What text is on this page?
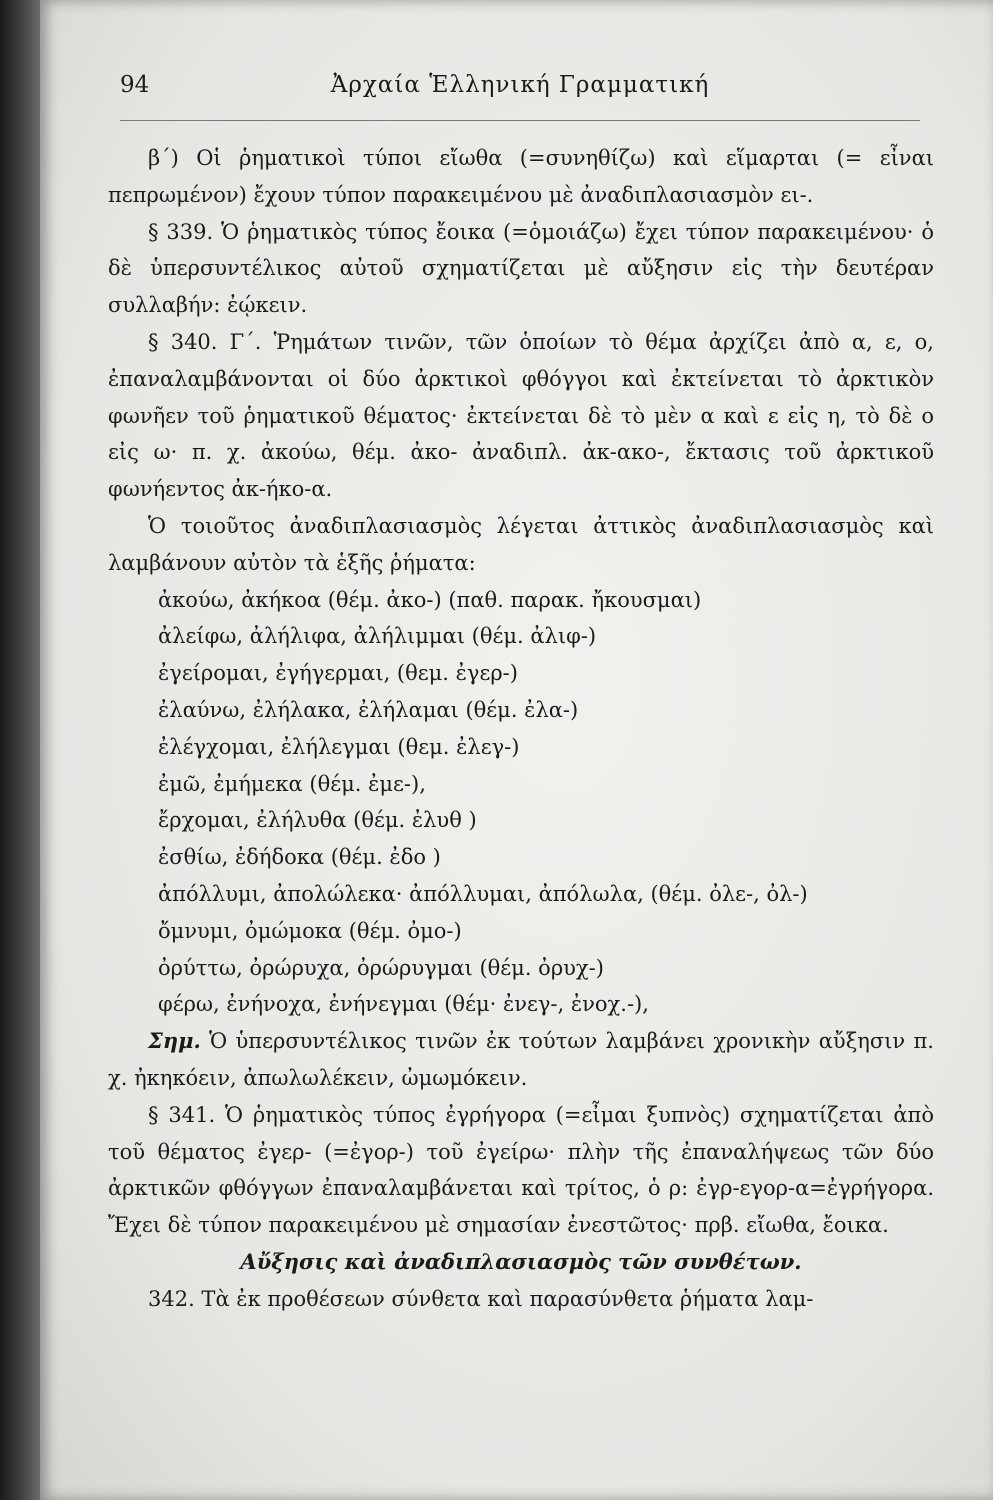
94	Ἀρχαία Ἑλληνική Γραμματική

β΄) Οἱ ῥηματικοὶ τύποι εἴωθα (=συνηθίζω) καὶ εἵμαρται (= εἶναι πεπρωμένον) ἔχουν τύπον παρακειμένου μὲ ἀναδιπλασιασμὸν ει-.

§ 339. Ὁ ῥηματικὸς τύπος ἔοικα (=ὁμοιάζω) ἔχει τύπον παρακειμένου· ὁ δὲ ὑπερσυντέλικος αὐτοῦ σχηματίζεται μὲ αὔξησιν εἰς τὴν δευτέραν συλλαβήν: ἐῴκειν.

§ 340. Γ΄. Ῥημάτων τινῶν, τῶν ὁποίων τὸ θέμα ἀρχίζει ἀπὸ α, ε, ο, ἐπαναλαμβάνονται οἱ δύο ἀρκτικοὶ φθόγγοι καὶ ἐκτείνεται τὸ ἀρκτικὸν φωνῆεν τοῦ ῥηματικοῦ θέματος· ἐκτείνεται δὲ τὸ μὲν α καὶ ε εἰς η, τὸ δὲ ο εἰς ω· π. χ. ἀκούω, θέμ. ἀκο- ἀναδιπλ. ἀκ-ακο-, ἔκτασις τοῦ ἀρκτικοῦ φωνήεντος ἀκ-ήκο-α.

Ὁ τοιοῦτος ἀναδιπλασιασμὸς λέγεται ἀττικὸς ἀναδιπλασιασμὸς καὶ λαμβάνουν αὐτὸν τὰ ἑξῆς ῥήματα:

ἀκούω, ἀκήκοα (θέμ. ἀκο-) (παθ. παρακ. ἤκουσμαι)
ἀλείφω, ἀλήλιφα, ἀλήλιμμαι (θέμ. ἀλιφ-)
ἐγείρομαι, ἐγήγερμαι, (θεμ. ἐγερ-)
ἐλαύνω, ἐλήλακα, ἐλήλαμαι (θέμ. ἐλα-)
ἐλέγχομαι, ἐλήλεγμαι (θεμ. ἐλεγ-)
ἐμῶ, ἐμήμεκα (θέμ. ἐμε-),
ἔρχομαι, ἐλήλυθα (θέμ. ἐλυθ )
ἐσθίω, ἐδήδοκα (θέμ. ἐδο )
ἀπόλλυμι, ἀπολώλεκα· ἀπόλλυμαι, ἀπόλωλα, (θέμ. ὀλε-, ὀλ-)
ὄμνυμι, ὀμώμοκα (θέμ. ὀμο-)
ὀρύττω, ὀρώρυχα, ὀρώρυγμαι (θέμ. ὀρυχ-)
φέρω, ἐνήνοχα, ἐνήνεγμαι (θέμ· ἐνεγ-, ἐνοχ.-),

Σημ. Ὁ ὑπερσυντέλικος τινῶν ἐκ τούτων λαμβάνει χρονικὴν αὔξησιν π. χ. ἠκηκόειν, ἀπωλωλέκειν, ὠμωμόκειν.

§ 341. Ὁ ῥηματικὸς τύπος ἐγρήγορα (=εἶμαι ξυπνὸς) σχηματίζεται ἀπὸ τοῦ θέματος ἐγερ- (=ἐγορ-) τοῦ ἐγείρω· πλὴν τῆς ἐπαναλήψεως τῶν δύο ἀρκτικῶν φθόγγων ἐπαναλαμβάνεται καὶ τρίτος, ὁ ρ: ἐγρ-εγορ-α=ἐγρήγορα. Ἔχει δὲ τύπον παρακειμένου μὲ σημασίαν ἐνεστῶτος· πρβ. εἴωθα, ἔοικα.

Αὔξησις καὶ ἀναδιπλασιασμὸς τῶν συνθέτων.

342. Τὰ ἐκ προθέσεων σύνθετα καὶ παρασύνθετα ῥήματα λαμ-
